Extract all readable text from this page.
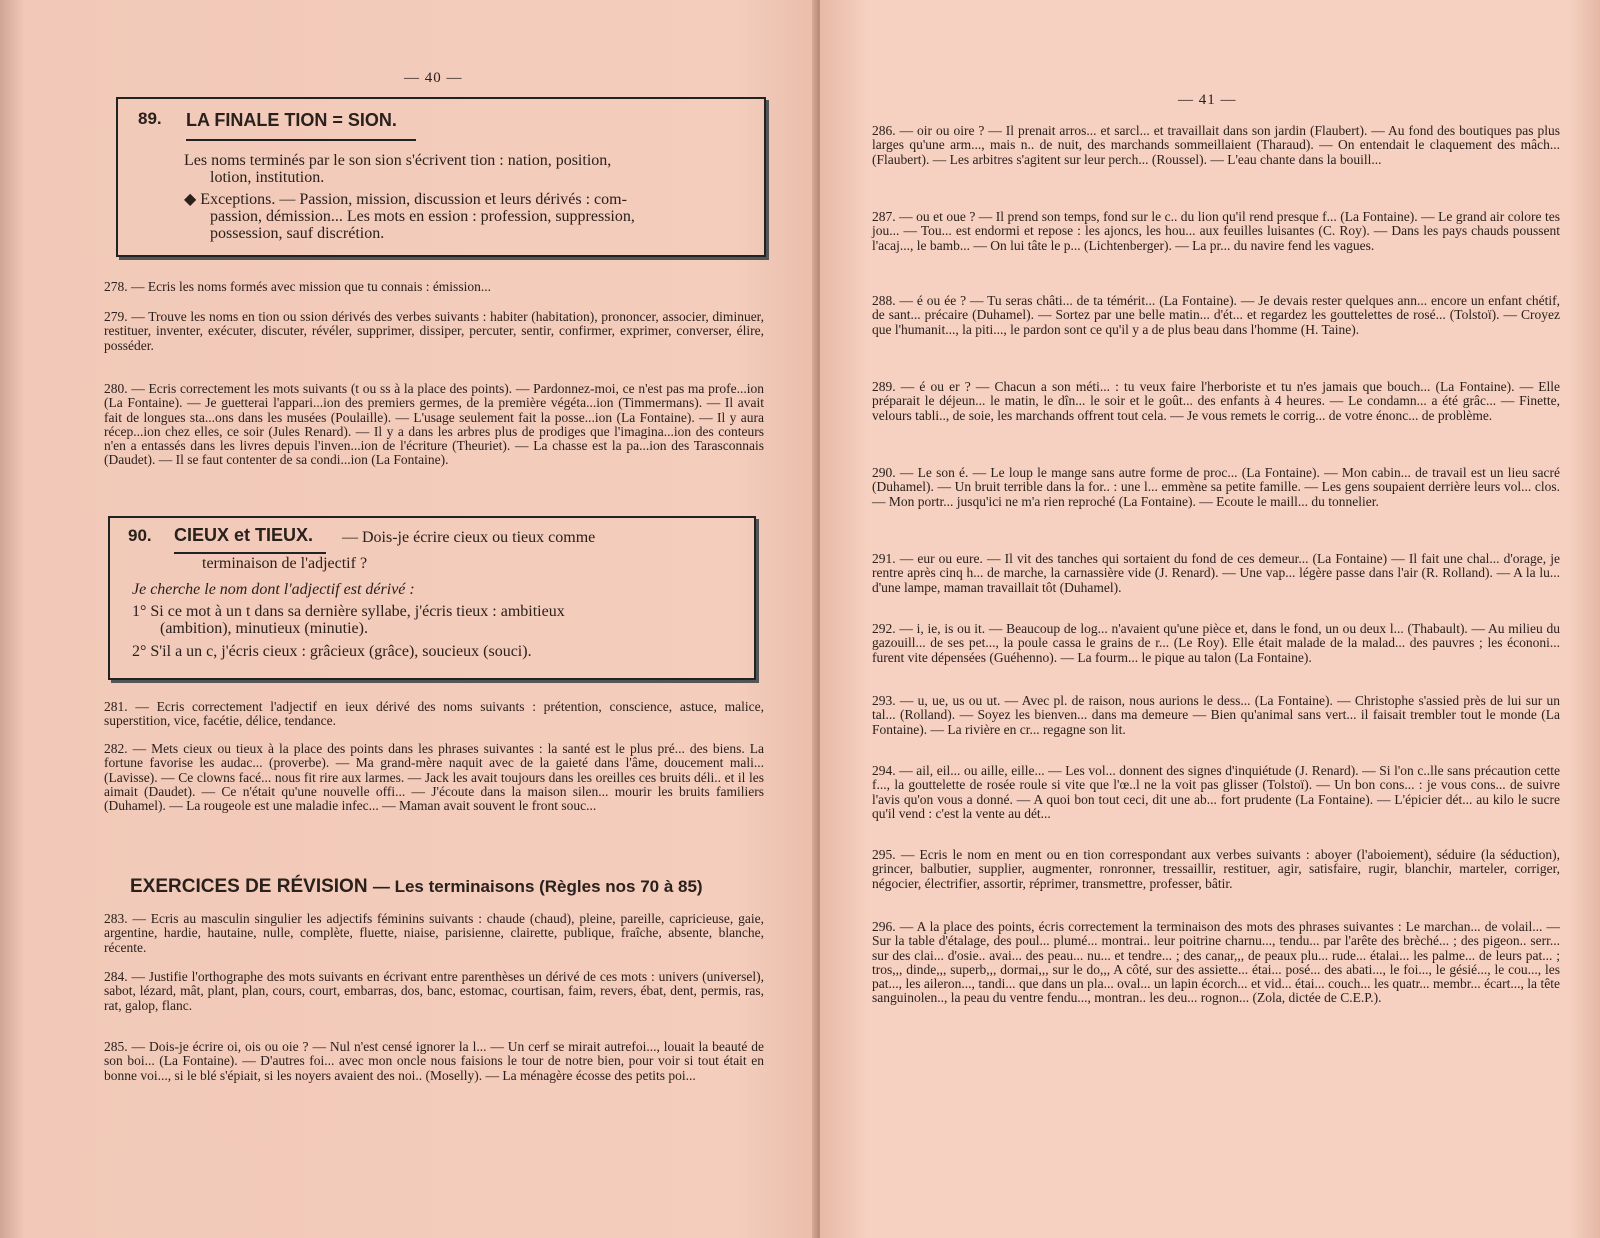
— 40 —
89. LA FINALE TION = SION.
Les noms terminés par le son sion s'écrivent tion : nation, position,
lotion, institution.
◆ Exceptions. — Passion, mission, discussion et leurs dérivés : com-
passion, démission... Les mots en ession : profession, suppression,
possession, sauf discrétion.
278. — Ecris les noms formés avec mission que tu connais : émission...
279. — Trouve les noms en tion ou ssion dérivés des verbes suivants : habiter (habitation), prononcer, associer, diminuer, restituer, inventer, exécuter, discuter, révéler, supprimer, dissiper, percuter, sentir, confirmer, exprimer, converser, élire, posséder.
280. — Ecris correctement les mots suivants (t ou ss à la place des points). — Pardonnez-moi, ce n'est pas ma profe...ion (La Fontaine). — Je guetterai l'appari...ion des premiers germes, de la première végéta...ion (Timmermans). — Il avait fait de longues sta...ons dans les musées (Poulaille). — L'usage seulement fait la posse...ion (La Fontaine). — Il y aura récep...ion chez elles, ce soir (Jules Renard). — Il y a dans les arbres plus de prodiges que l'imagina...ion des conteurs n'en a entassés dans les livres depuis l'inven...ion de l'écriture (Theuriet). — La chasse est la pa...ion des Tarasconnais (Daudet). — Il se faut contenter de sa condi...ion (La Fontaine).
90. CIEUX et TIEUX. — Dois-je écrire cieux ou tieux comme
terminaison de l'adjectif ?
Je cherche le nom dont l'adjectif est dérivé :
1° Si ce mot à un t dans sa dernière syllabe, j'écris tieux : ambitieux
(ambition), minutieux (minutie).
2° S'il a un c, j'écris cieux : grâcieux (grâce), soucieux (souci).
281. — Ecris correctement l'adjectif en ieux dérivé des noms suivants : prétention, conscience, astuce, malice, superstition, vice, facétie, délice, tendance.
282. — Mets cieux ou tieux à la place des points dans les phrases suivantes : la santé est le plus pré... des biens. La fortune favorise les audac... (proverbe). — Ma grand-mère naquit avec de la gaieté dans l'âme, doucement mali... (Lavisse). — Ce clowns facé... nous fit rire aux larmes. — Jack les avait toujours dans les oreilles ces bruits déli.. et il les aimait (Daudet). — Ce n'était qu'une nouvelle offi... — J'écoute dans la maison silen... mourir les bruits familiers (Duhamel). — La rougeole est une maladie infec... — Maman avait souvent le front souc...
EXERCICES DE RÉVISION — Les terminaisons (Règles nos 70 à 85)
283. — Ecris au masculin singulier les adjectifs féminins suivants : chaude (chaud), pleine, pareille, capricieuse, gaie, argentine, hardie, hautaine, nulle, complète, fluette, niaise, parisienne, clairette, publique, fraîche, absente, blanche, récente.
284. — Justifie l'orthographe des mots suivants en écrivant entre parenthèses un dérivé de ces mots : univers (universel), sabot, lézard, mât, plant, plan, cours, court, embarras, dos, banc, estomac, courtisan, faim, revers, ébat, dent, permis, ras, rat, galop, flanc.
285. — Dois-je écrire oi, ois ou oie ? — Nul n'est censé ignorer la l... — Un cerf se mirait autrefoi..., louait la beauté de son boi... (La Fontaine). — D'autres foi... avec mon oncle nous faisions le tour de notre bien, pour voir si tout était en bonne voi..., si le blé s'épiait, si les noyers avaient des noi.. (Moselly). — La ménagère écosse des petits poi...
— 41 —
286. — oir ou oire ? — Il prenait arros... et sarcl... et travaillait dans son jardin (Flaubert). — Au fond des boutiques pas plus larges qu'une arm..., mais n.. de nuit, des marchands sommeillaient (Tharaud). — On entendait le claquement des mâch... (Flaubert). — Les arbitres s'agitent sur leur perch... (Roussel). — L'eau chante dans la bouill...
287. — ou et oue ? — Il prend son temps, fond sur le c.. du lion qu'il rend presque f... (La Fontaine). — Le grand air colore tes jou... — Tou... est endormi et repose : les ajoncs, les hou... aux feuilles luisantes (C. Roy). — Dans les pays chauds poussent l'acaj..., le bamb... — On lui tâte le p... (Lichtenberger). — La pr... du navire fend les vagues.
288. — é ou ée ? — Tu seras châti... de ta témérit... (La Fontaine). — Je devais rester quelques ann... encore un enfant chétif, de sant... précaire (Duhamel). — Sortez par une belle matin... d'ét... et regardez les gouttelettes de rosé... (Tolstoï). — Croyez que l'humanit..., la piti..., le pardon sont ce qu'il y a de plus beau dans l'homme (H. Taine).
289. — é ou er ? — Chacun a son méti... : tu veux faire l'herboriste et tu n'es jamais que bouch... (La Fontaine). — Elle préparait le déjeun... le matin, le dîn... le soir et le goût... des enfants à 4 heures. — Le condamn... a été grâc... — Finette, velours tabli.., de soie, les marchands offrent tout cela. — Je vous remets le corrig... de votre énonc... de problème.
290. — Le son é. — Le loup le mange sans autre forme de proc... (La Fontaine). — Mon cabin... de travail est un lieu sacré (Duhamel). — Un bruit terrible dans la for.. : une l... emmène sa petite famille. — Les gens soupaient derrière leurs vol... clos. — Mon portr... jusqu'ici ne m'a rien reproché (La Fontaine). — Ecoute le maill... du tonnelier.
291. — eur ou eure. — Il vit des tanches qui sortaient du fond de ces demeur... (La Fontaine) — Il fait une chal... d'orage, je rentre après cinq h... de marche, la carnassière vide (J. Renard). — Une vap... légère passe dans l'air (R. Rolland). — A la lu... d'une lampe, maman travaillait tôt (Duhamel).
292. — i, ie, is ou it. — Beaucoup de log... n'avaient qu'une pièce et, dans le fond, un ou deux l... (Thabault). — Au milieu du gazouill... de ses pet..., la poule cassa le grains de r... (Le Roy). Elle était malade de la malad... des pauvres ; les écononi... furent vite dépensées (Guéhenno). — La fourm... le pique au talon (La Fontaine).
293. — u, ue, us ou ut. — Avec pl. de raison, nous aurions le dess... (La Fontaine). — Christophe s'assied près de lui sur un tal... (Rolland). — Soyez les bienven... dans ma demeure — Bien qu'animal sans vert... il faisait trembler tout le monde (La Fontaine). — La rivière en cr... regagne son lit.
294. — ail, eil... ou aille, eille... — Les vol... donnent des signes d'inquiétude (J. Renard). — Si l'on c..lle sans précaution cette f..., la gouttelette de rosée roule si vite que l'œ..l ne la voit pas glisser (Tolstoï). — Un bon cons... : je vous cons... de suivre l'avis qu'on vous a donné. — A quoi bon tout ceci, dit une ab... fort prudente (La Fontaine). — L'épicier dét... au kilo le sucre qu'il vend : c'est la vente au dét...
295. — Ecris le nom en ment ou en tion correspondant aux verbes suivants : aboyer (l'aboiement), séduire (la séduction), grincer, balbutier, supplier, augmenter, ronronner, tressaillir, restituer, agir, satisfaire, rugir, blanchir, marteler, corriger, négocier, électrifier, assortir, réprimer, transmettre, professer, bâtir.
296. — A la place des points, écris correctement la terminaison des mots des phrases suivantes : Le marchan... de volail... — Sur la table d'étalage, des poul... plumé... montrai.. leur poitrine charnu..., tendu... par l'arête des brèché... ; des pigeon.. serr... sur des clai... d'osie.. avai... des peau... nu... et tendre... ; des canar,,, de peaux plu... rude... étalai... les palme... de leurs pat... ; tros,,, dinde,,, superb,,, dormai,,, sur le do,,, A côté, sur des assiette... étai... posé... des abati..., le foi..., le gésié..., le cou..., les pat..., les aileron..., tandi... que dans un pla... oval... un lapin écorch... et vid... étai... couch... les quatr... membr... écart..., la tête sanguinolen.., la peau du ventre fendu..., montran.. les deu... rognon... (Zola, dictée de C.E.P.).
